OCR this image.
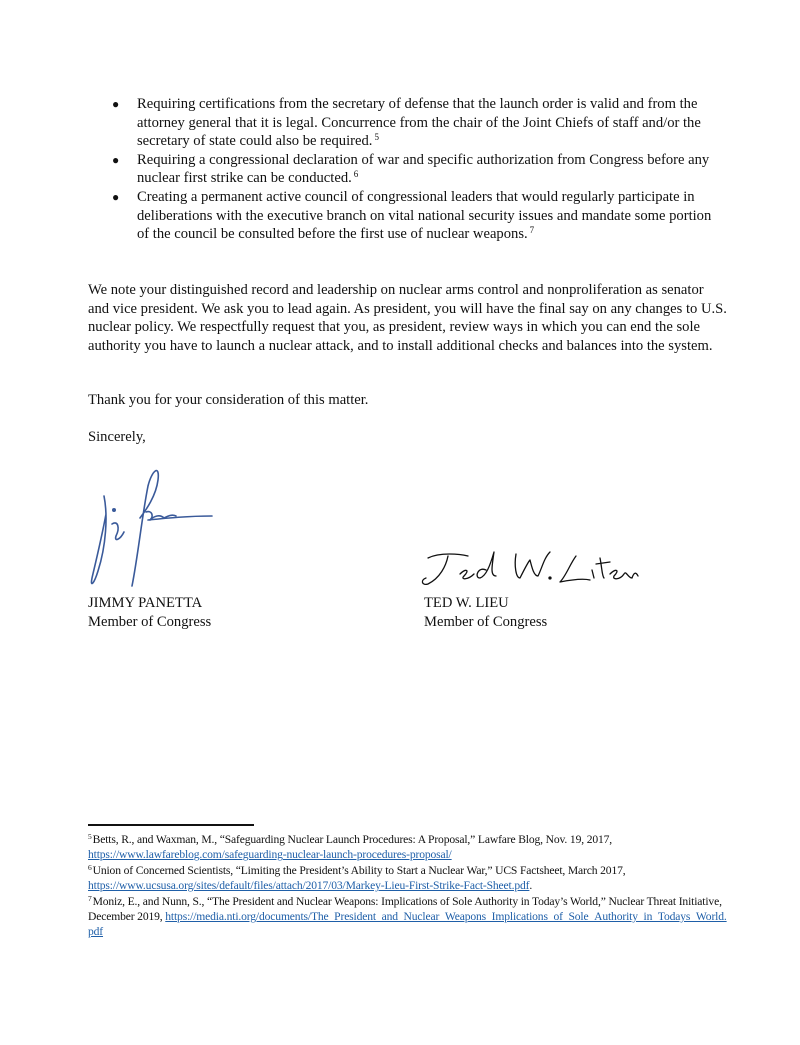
● Requiring certifications from the secretary of defense that the launch order is valid and from the attorney general that it is legal. Concurrence from the chair of the Joint Chiefs of staff and/or the secretary of state could also be required. $^5$
● Requiring a congressional declaration of war and specific authorization from Congress before any nuclear first strike can be conducted. $^6$
● Creating a permanent active council of congressional leaders that would regularly participate in deliberations with the executive branch on vital national security issues and mandate some portion of the council be consulted before the first use of nuclear weapons. $^7$

We note your distinguished record and leadership on nuclear arms control and nonproliferation as senator and vice president. We ask you to lead again. As president, you will have the final say on any changes to U.S. nuclear policy. We respectfully request that you, as president, review ways in which you can end the sole authority you have to launch a nuclear attack, and to install additional checks and balances into the system.

Thank you for your consideration of this matter.

Sincerely,

JIMMY PANETTA
Member of Congress
TED W. LIEU
Member of Congress

$^5$Betts, R., and Waxman, M., “Safeguarding Nuclear Launch Procedures: A Proposal,” Lawfare Blog, Nov. 19, 2017, https://www.lawfareblog.com/safeguarding-nuclear-launch-procedures-proposal/

$^6$Union of Concerned Scientists, “Limiting the President’s Ability to Start a Nuclear War,” UCS Factsheet, March 2017, https://www.ucsusa.org/sites/default/files/attach/2017/03/Markey-Lieu-First-Strike-Fact-Sheet.pdf.

$^7$Moniz, E., and Nunn, S., “The President and Nuclear Weapons: Implications of Sole Authority in Today’s World,” Nuclear Threat Initiative, December 2019, https://media.nti.org/documents/The_President_and_Nuclear_Weapons_Implications_of_Sole_Authority_in_Todays_World.pdf
